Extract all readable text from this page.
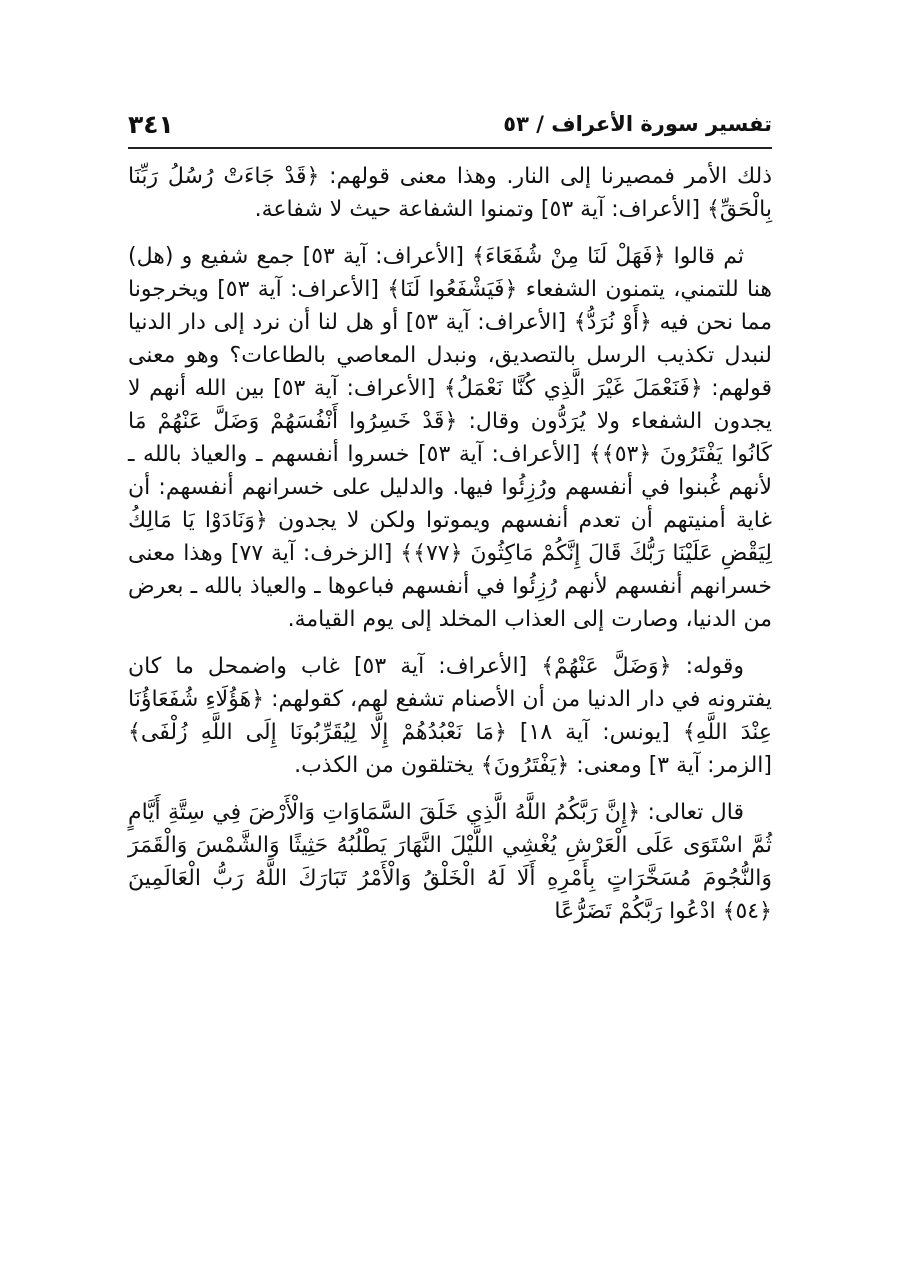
تفسير سورة الأعراف / ٥٣
٣٤١

ذلك الأمر فمصيرنا إلى النار. وهذا معنى قولهم: ﴿قَدْ جَاءَتْ رُسُلُ رَبِّنَا بِالْحَقِّ﴾ [الأعراف: آية ٥٣] وتمنوا الشفاعة حيث لا شفاعة.

ثم قالوا ﴿فَهَلْ لَنَا مِنْ شُفَعَاءَ﴾ [الأعراف: آية ٥٣] جمع شفيع و (هل) هنا للتمني، يتمنون الشفعاء ﴿فَيَشْفَعُوا لَنَا﴾ [الأعراف: آية ٥٣] ويخرجونا مما نحن فيه ﴿أَوْ نُرَدُّ﴾ [الأعراف: آية ٥٣] أو هل لنا أن نرد إلى دار الدنيا لنبدل تكذيب الرسل بالتصديق، ونبدل المعاصي بالطاعات؟ وهو معنى قولهم: ﴿فَنَعْمَلَ غَيْرَ الَّذِي كُنَّا نَعْمَلُ﴾ [الأعراف: آية ٥٣] بين الله أنهم لا يجدون الشفعاء ولا يُرَدُّون وقال: ﴿قَدْ خَسِرُوا أَنْفُسَهُمْ وَضَلَّ عَنْهُمْ مَا كَانُوا يَفْتَرُونَ ﴿٥٣﴾﴾ [الأعراف: آية ٥٣] خسروا أنفسهم ـ والعياذ بالله ـ لأنهم غُبنوا في أنفسهم ورُزِئُوا فيها. والدليل على خسرانهم أنفسهم: أن غاية أمنيتهم أن تعدم أنفسهم ويموتوا ولكن لا يجدون ﴿وَنَادَوْا يَا مَالِكُ لِيَقْضِ عَلَيْنَا رَبُّكَ قَالَ إِنَّكُمْ مَاكِثُونَ ﴿٧٧﴾﴾ [الزخرف: آية ٧٧] وهذا معنى خسرانهم أنفسهم لأنهم رُزِئُوا في أنفسهم فباعوها ـ والعياذ بالله ـ بعرض من الدنيا، وصارت إلى العذاب المخلد إلى يوم القيامة.

وقوله: ﴿وَضَلَّ عَنْهُمْ﴾ [الأعراف: آية ٥٣] غاب واضمحل ما كان يفترونه في دار الدنيا من أن الأصنام تشفع لهم، كقولهم: ﴿هَؤُلَاءِ شُفَعَاؤُنَا عِنْدَ اللَّهِ﴾ [يونس: آية ١٨] ﴿مَا نَعْبُدُهُمْ إِلَّا لِيُقَرِّبُونَا إِلَى اللَّهِ زُلْفَى﴾ [الزمر: آية ٣] ومعنى: ﴿يَفْتَرُونَ﴾ يختلقون من الكذب.

قال تعالى: ﴿إِنَّ رَبَّكُمُ اللَّهُ الَّذِي خَلَقَ السَّمَاوَاتِ وَالْأَرْضَ فِي سِتَّةِ أَيَّامٍ ثُمَّ اسْتَوَى عَلَى الْعَرْشِ يُغْشِي اللَّيْلَ النَّهَارَ يَطْلُبُهُ حَثِيثًا وَالشَّمْسَ وَالْقَمَرَ وَالنُّجُومَ مُسَخَّرَاتٍ بِأَمْرِهِ أَلَا لَهُ الْخَلْقُ وَالْأَمْرُ تَبَارَكَ اللَّهُ رَبُّ الْعَالَمِينَ ﴿٥٤﴾ ادْعُوا رَبَّكُمْ تَضَرُّعًا
